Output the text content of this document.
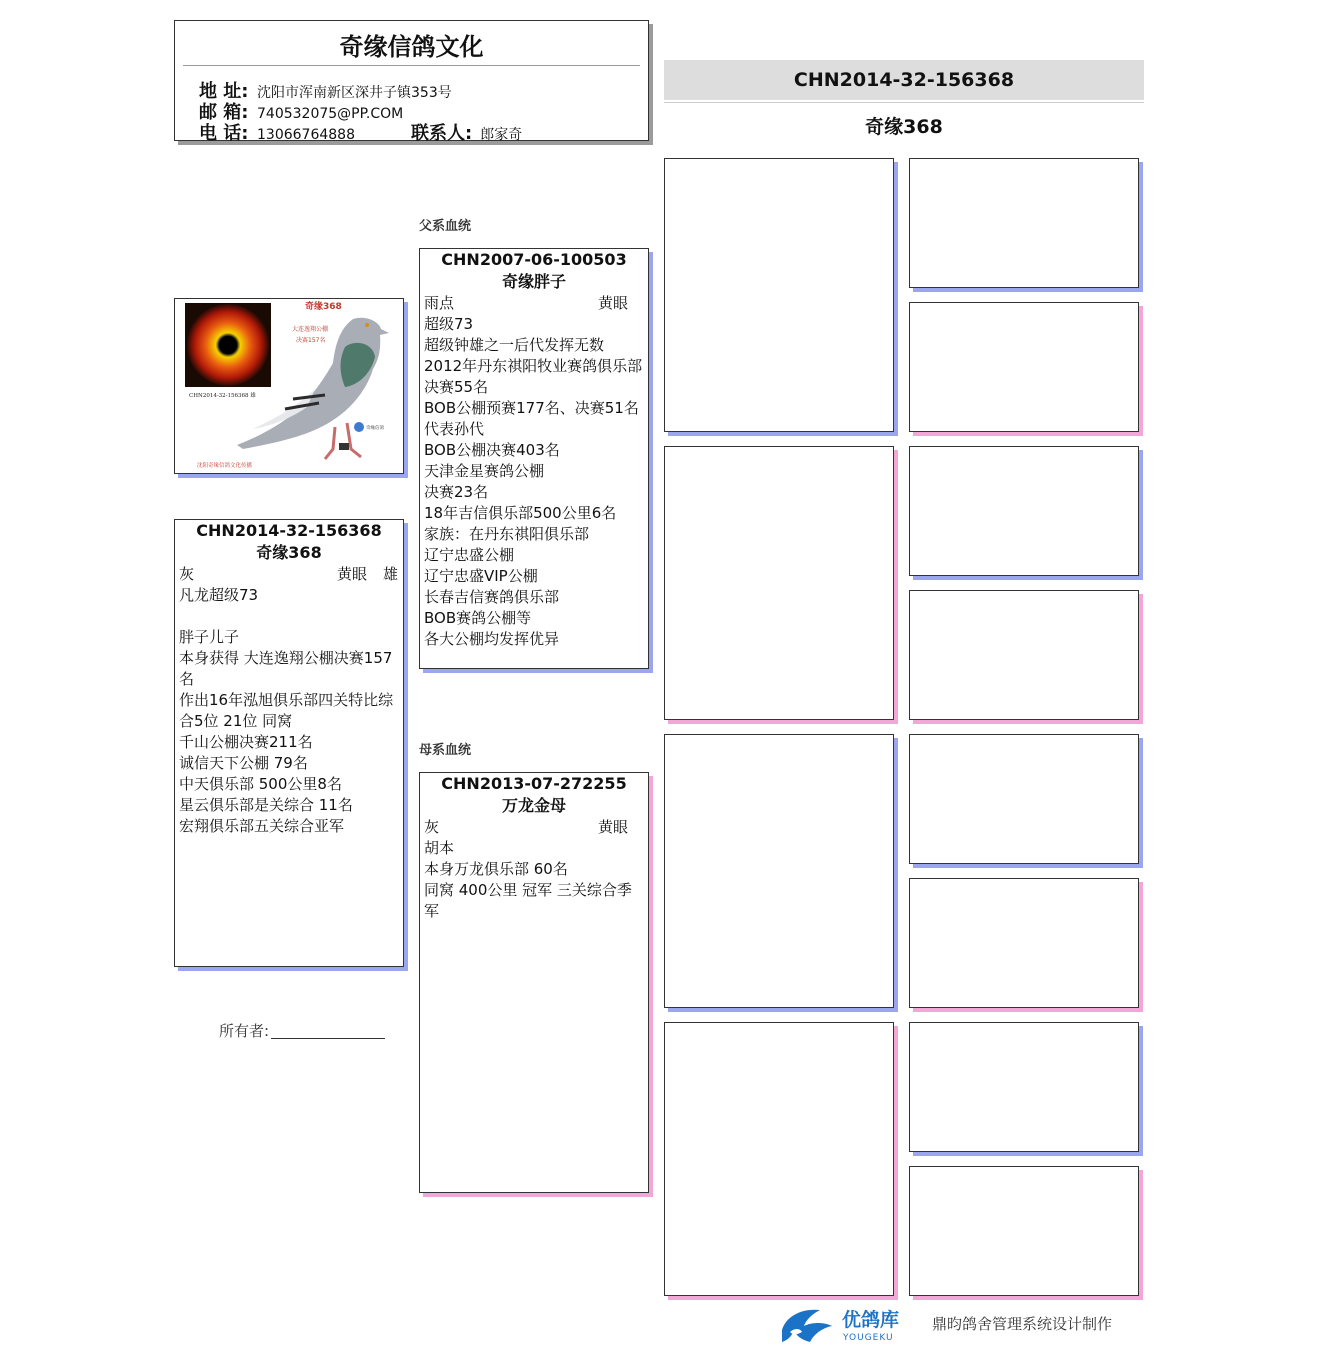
奇缘信鸽文化
地 址: 沈阳市浑南新区深井子镇353号
邮 箱: 740532075@PP.COM
电 话: 13066764888	联系人: 郎家奇
CHN2014-32-156368
奇缘368
奇缘368
大连逸翔公棚
决赛157名
CHN2014-32-156368 雄
奇缘信鸽
沈阳奇缘信鸽文化传播
CHN2014-32-156368
奇缘368
灰	黄眼 雄
凡龙超级73
胖子儿子
本身获得 大连逸翔公棚决赛157名
作出16年泓旭俱乐部四关特比综合5位 21位 同窝
千山公棚决赛211名
诚信天下公棚 79名
中天俱乐部 500公里8名
星云俱乐部是关综合 11名
宏翔俱乐部五关综合亚军
所有者:
父系血统
CHN2007-06-100503
奇缘胖子
雨点	黄眼
超级73
超级钟雄之一后代发挥无数
2012年丹东祺阳牧业赛鸽俱乐部决赛55名
BOB公棚预赛177名、决赛51名
代表孙代
BOB公棚决赛403名
天津金星赛鸽公棚
决赛23名
18年吉信俱乐部500公里6名
家族：在丹东祺阳俱乐部
辽宁忠盛公棚
辽宁忠盛VIP公棚
长春吉信赛鸽俱乐部
BOB赛鸽公棚等
各大公棚均发挥优异
母系血统
CHN2013-07-272255
万龙金母
灰	黄眼
胡本
本身万龙俱乐部 60名
同窝 400公里 冠军 三关综合季军
优鸽库
YOUGEKU
鼎昀鸽舍管理系统设计制作
